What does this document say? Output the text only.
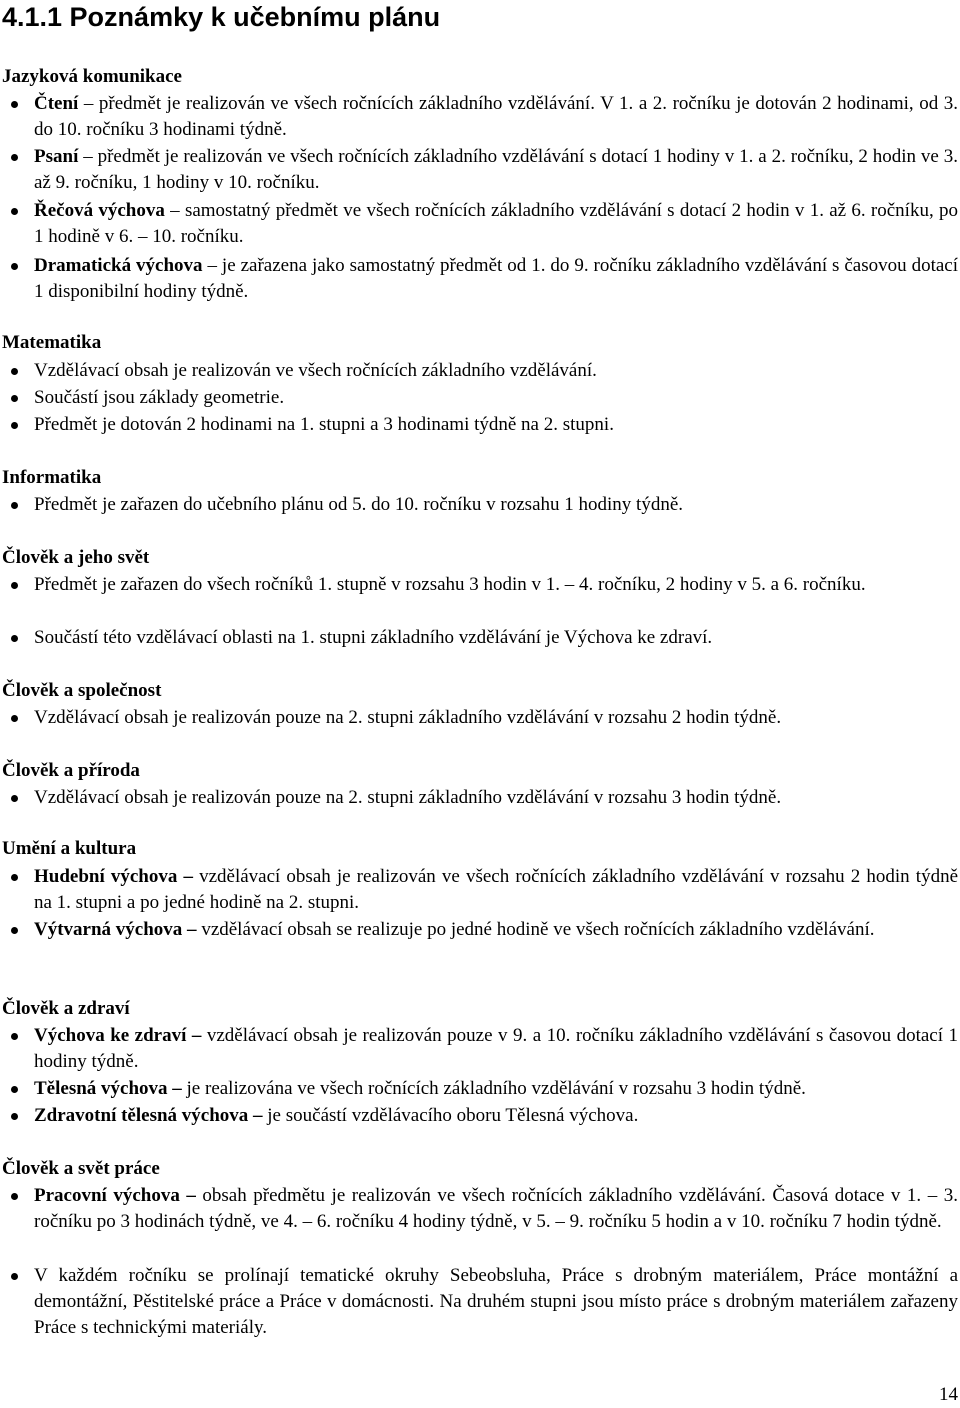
4.1.1 Poznámky k učebnímu plánu
Jazyková komunikace
Čtení – předmět je realizován ve všech ročnících základního vzdělávání. V 1. a 2. ročníku je dotován 2 hodinami, od 3. do 10. ročníku 3 hodinami týdně.
Psaní – předmět je realizován ve všech ročnících základního vzdělávání s dotací 1 hodiny v 1. a 2. ročníku, 2 hodin ve 3. až 9. ročníku, 1 hodiny v 10. ročníku.
Řečová výchova – samostatný předmět ve všech ročnících základního vzdělávání s dotací 2 hodin v 1. až 6. ročníku, po 1 hodině v 6. – 10. ročníku.
Dramatická výchova – je zařazena jako samostatný předmět od 1. do 9. ročníku základního vzdělávání s časovou dotací 1 disponibilní hodiny týdně.
Matematika
Vzdělávací obsah je realizován ve všech ročnících základního vzdělávání.
Součástí jsou základy geometrie.
Předmět je dotován 2 hodinami na 1. stupni a 3 hodinami týdně na 2. stupni.
Informatika
Předmět je zařazen do učebního plánu od 5. do 10. ročníku v rozsahu 1 hodiny týdně.
Člověk a jeho svět
Předmět je zařazen do všech ročníků 1. stupně v rozsahu 3 hodin v 1. – 4. ročníku, 2 hodiny v 5. a 6. ročníku.
Součástí této vzdělávací oblasti na 1. stupni základního vzdělávání je Výchova ke zdraví.
Člověk a společnost
Vzdělávací obsah je realizován pouze na 2. stupni základního vzdělávání v rozsahu 2 hodin týdně.
Člověk a příroda
Vzdělávací obsah je realizován pouze na 2. stupni základního vzdělávání v rozsahu 3 hodin týdně.
Umění a kultura
Hudební výchova – vzdělávací obsah je realizován ve všech ročnících základního vzdělávání v rozsahu 2 hodin týdně na 1. stupni a po jedné hodině na 2. stupni.
Výtvarná výchova – vzdělávací obsah se realizuje po jedné hodině ve všech ročnících základního vzdělávání.
Člověk a zdraví
Výchova ke zdraví – vzdělávací obsah je realizován pouze v 9. a 10. ročníku základního vzdělávání s časovou dotací 1 hodiny týdně.
Tělesná výchova – je realizována ve všech ročnících základního vzdělávání v rozsahu 3 hodin týdně.
Zdravotní tělesná výchova – je součástí vzdělávacího oboru Tělesná výchova.
Člověk a svět práce
Pracovní výchova – obsah předmětu je realizován ve všech ročnících základního vzdělávání. Časová dotace v 1. – 3. ročníku po 3 hodinách týdně, ve 4. – 6. ročníku 4 hodiny týdně, v 5. – 9. ročníku 5 hodin a v 10. ročníku 7 hodin týdně.
V každém ročníku se prolínají tematické okruhy Sebeobsluha, Práce s drobným materiálem, Práce montážní a demontážní, Pěstitelské práce a Práce v domácnosti. Na druhém stupni jsou místo práce s drobným materiálem zařazeny Práce s technickými materiály.
14
